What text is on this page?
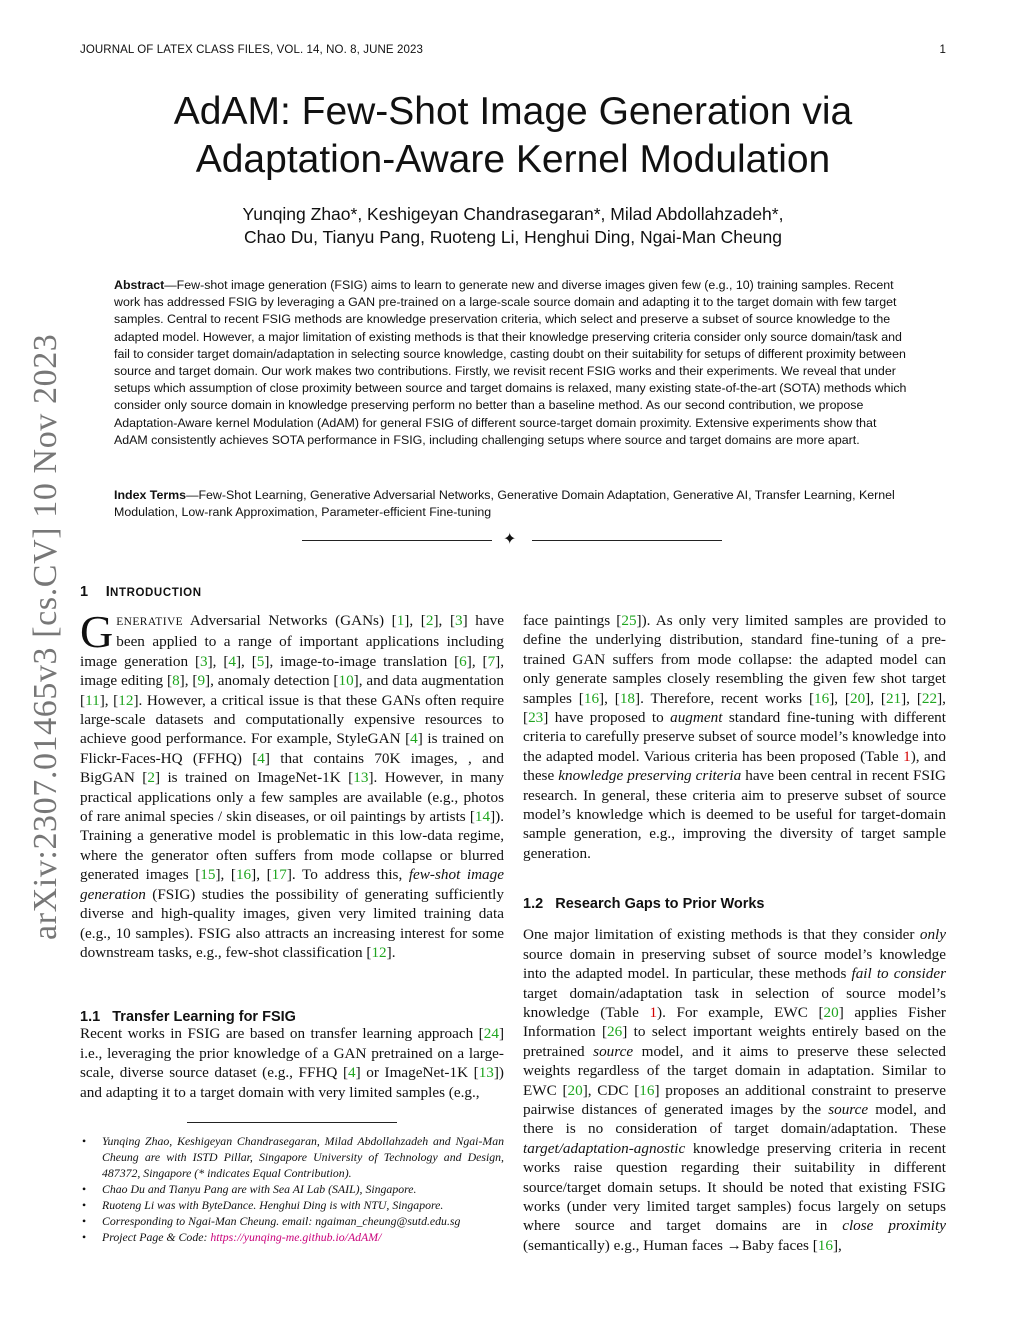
arXiv:2307.01465v3 [cs.CV] 10 Nov 2023
JOURNAL OF LATEX CLASS FILES, VOL. 14, NO. 8, JUNE 2023	1
AdAM: Few-Shot Image Generation via
Adaptation-Aware Kernel Modulation
Yunqing Zhao*, Keshigeyan Chandrasegaran*, Milad Abdollahzadeh*,
Chao Du, Tianyu Pang, Ruoteng Li, Henghui Ding, Ngai-Man Cheung

Abstract—Few-shot image generation (FSIG) aims to learn to generate new and diverse images given few (e.g., 10) training samples. Recent work has addressed FSIG by leveraging a GAN pre-trained on a large-scale source domain and adapting it to the target domain with few target samples. Central to recent FSIG methods are knowledge preservation criteria, which select and preserve a subset of source knowledge to the adapted model. However, a major limitation of existing methods is that their knowledge preserving criteria consider only source domain/task and fail to consider target domain/adaptation in selecting source knowledge, casting doubt on their suitability for setups of different proximity between source and target domain. Our work makes two contributions. Firstly, we revisit recent FSIG works and their experiments. We reveal that under setups which assumption of close proximity between source and target domains is relaxed, many existing state-of-the-art (SOTA) methods which consider only source domain in knowledge preserving perform no better than a baseline method. As our second contribution, we propose Adaptation-Aware kernel Modulation (AdAM) for general FSIG of different source-target domain proximity. Extensive experiments show that AdAM consistently achieves SOTA performance in FSIG, including challenging setups where source and target domains are more apart.

Index Terms—Few-Shot Learning, Generative Adversarial Networks, Generative Domain Adaptation, Generative AI, Transfer Learning, Kernel Modulation, Low-rank Approximation, Parameter-efficient Fine-tuning

✦
1 INTRODUCTION
1.1   Transfer Learning for FSIG
1.2   Research Gaps to Prior Works

GENERATIVE Adversarial Networks (GANs) [1], [2], [3] have been applied to a range of important applications including image generation [3], [4], [5], image-to-image translation [6], [7], image editing [8], [9], anomaly detection [10], and data augmentation [11], [12]. However, a critical issue is that these GANs often require large-scale datasets and computationally expensive resources to achieve good performance. For example, StyleGAN [4] is trained on Flickr-Faces-HQ (FFHQ) [4] that contains 70K images, , and BigGAN [2] is trained on ImageNet-1K [13]. However, in many practical applications only a few samples are available (e.g., photos of rare animal species / skin diseases, or oil paintings by artists [14]). Training a generative model is problematic in this low-data regime, where the generator often suffers from mode collapse or blurred generated images [15], [16], [17]. To address this, few-shot image generation (FSIG) studies the possibility of generating sufficiently diverse and high-quality images, given very limited training data (e.g., 10 samples). FSIG also attracts an increasing interest for some downstream tasks, e.g., few-shot classification [12].

Recent works in FSIG are based on transfer learning approach [24] i.e., leveraging the prior knowledge of a GAN pretrained on a large-scale, diverse source dataset (e.g., FFHQ [4] or ImageNet-1K [13]) and adapting it to a target domain with very limited samples (e.g.,

face paintings [25]). As only very limited samples are provided to define the underlying distribution, standard fine-tuning of a pre-trained GAN suffers from mode collapse: the adapted model can only generate samples closely resembling the given few shot target samples [16], [18]. Therefore, recent works [16], [20], [21], [22], [23] have proposed to augment standard fine-tuning with different criteria to carefully preserve subset of source model’s knowledge into the adapted model. Various criteria has been proposed (Table 1), and these knowledge preserving criteria have been central in recent FSIG research. In general, these criteria aim to preserve subset of source model’s knowledge which is deemed to be useful for target-domain sample generation, e.g., improving the diversity of target sample generation.

One major limitation of existing methods is that they consider only source domain in preserving subset of source model’s knowledge into the adapted model. In particular, these methods fail to consider target domain/adaptation task in selection of source model’s knowledge (Table 1). For example, EWC [20] applies Fisher Information [26] to select important weights entirely based on the pretrained source model, and it aims to preserve these selected weights regardless of the target domain in adaptation. Similar to EWC [20], CDC [16] proposes an additional constraint to preserve pairwise distances of generated images by the source model, and there is no consideration of target domain/adaptation. These target/adaptation-agnostic knowledge preserving criteria in recent works raise question regarding their suitability in different source/target domain setups. It should be noted that existing FSIG works (under very limited target samples) focus largely on setups where source and target domains are in close proximity (semantically) e.g., Human faces →Baby faces [16],

• Yunqing Zhao, Keshigeyan Chandrasegaran, Milad Abdollahzadeh and Ngai-Man Cheung are with ISTD Pillar, Singapore University of Technology and Design, 487372, Singapore (* indicates Equal Contribution).
• Chao Du and Tianyu Pang are with Sea AI Lab (SAIL), Singapore.
• Ruoteng Li was with ByteDance. Henghui Ding is with NTU, Singapore.
• Corresponding to Ngai-Man Cheung. email: ngaiman_cheung@sutd.edu.sg
• Project Page & Code: https://yunqing-me.github.io/AdAM/
